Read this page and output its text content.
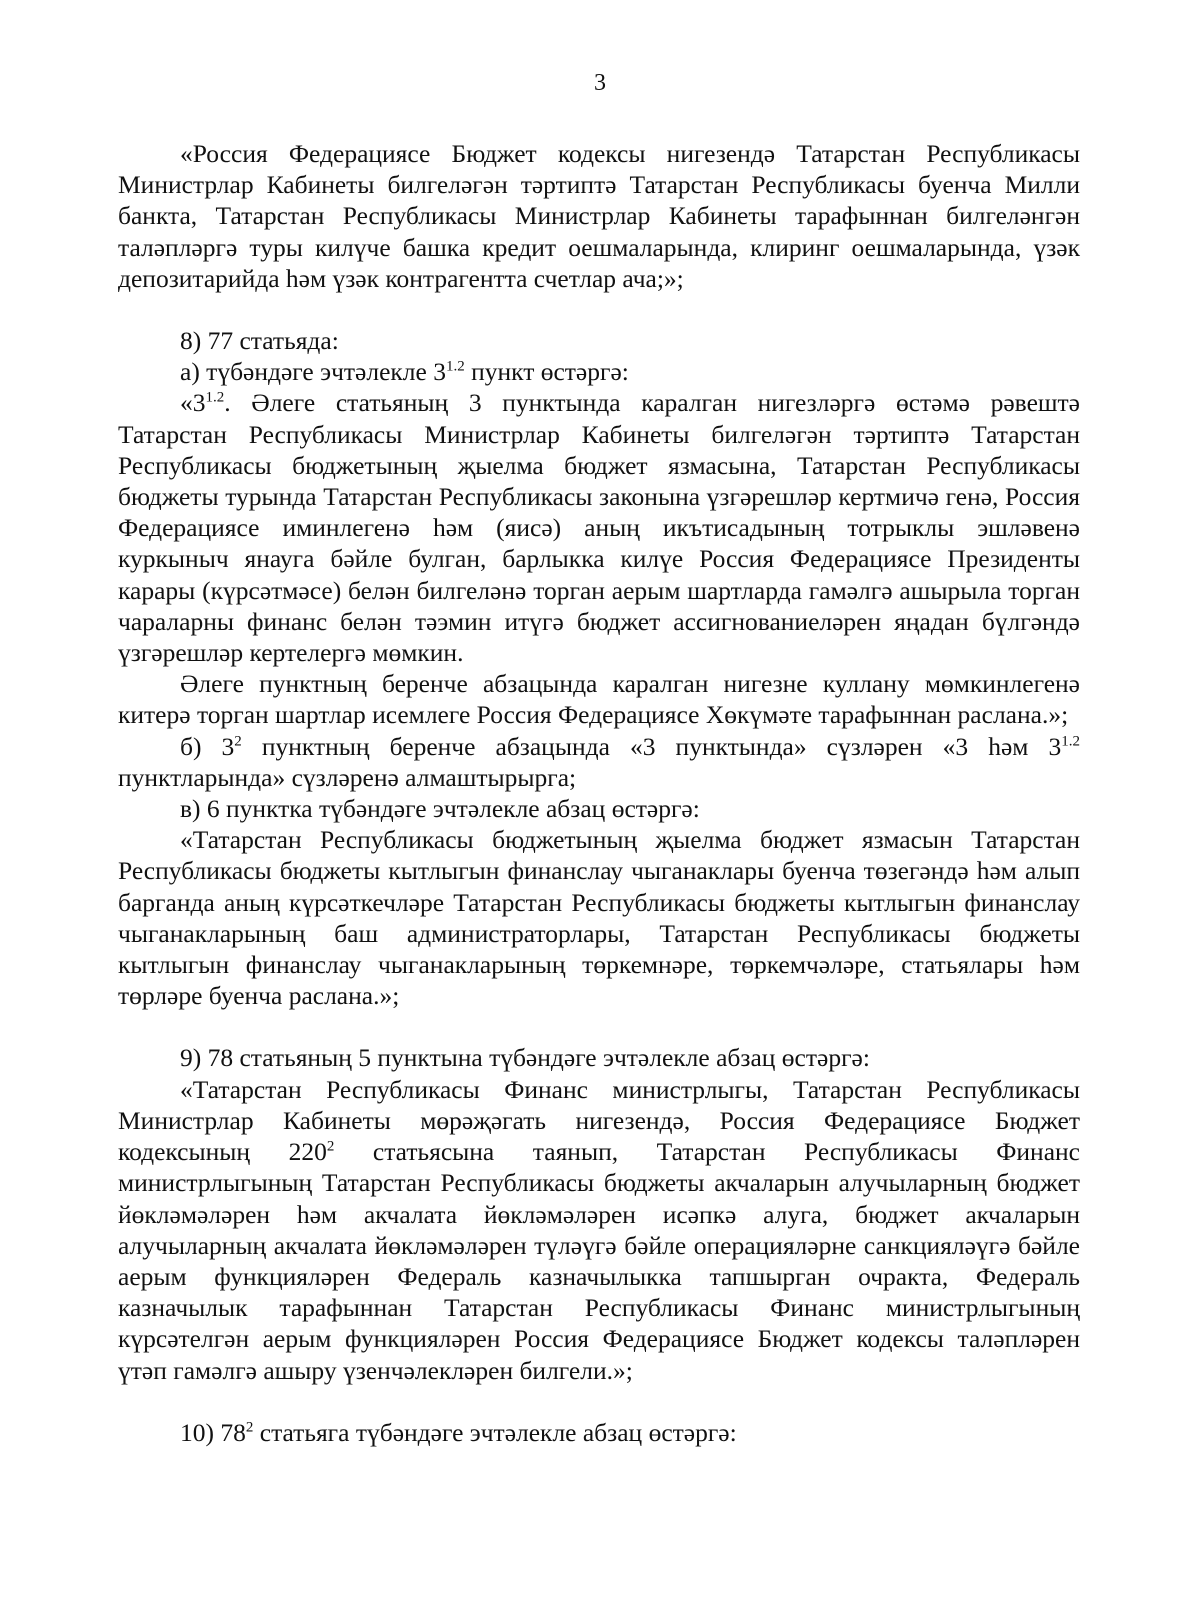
3

«Россия Федерациясе Бюджет кодексы нигезендә Татарстан Республикасы Министрлар Кабинеты билгеләгән тәртиптә Татарстан Республикасы буенча Милли банкта, Татарстан Республикасы Министрлар Кабинеты тарафыннан билгеләнгән таләпләргә туры килүче башка кредит оешмаларында, клиринг оешмаларында, үзәк депозитарийда һәм үзәк контрагентта счетлар ача;»;

8) 77 статьяда:

а) түбәндәге эчтәлекле $3^{1.2}$ пункт өстәргә:

«$3^{1.2}$. Әлеге статьяның 3 пунктында каралган нигезләргә өстәмә рәвештә Татарстан Республикасы Министрлар Кабинеты билгеләгән тәртиптә Татарстан Республикасы бюджетының җыелма бюджет язмасына, Татарстан Республикасы бюджеты турында Татарстан Республикасы законына үзгәрешләр кертмичә генә, Россия Федерациясе иминлегенә һәм (яисә) аның икътисадының тотрыклы эшләвенә куркыныч янауга бәйле булган, барлыкка килүе Россия Федерациясе Президенты карары (күрсәтмәсе) белән билгеләнә торган аерым шартларда гамәлгә ашырыла торган чараларны финанс белән тәэмин итүгә бюджет ассигнованиеләрен яңадан бүлгәндә үзгәрешләр кертелергә мөмкин.

Әлеге пунктның беренче абзацында каралган нигезне куллану мөмкинлегенә китерә торган шартлар исемлеге Россия Федерациясе Хөкүмәте тарафыннан раслана.»;

б) $3^2$ пунктның беренче абзацында «3 пунктында» сүзләрен «3 һәм $3^{1.2}$ пунктларында» сүзләренә алмаштырырга;

в) 6 пунктка түбәндәге эчтәлекле абзац өстәргә:

«Татарстан Республикасы бюджетының җыелма бюджет язмасын Татарстан Республикасы бюджеты кытлыгын финанслау чыганаклары буенча төзегәндә һәм алып барганда аның күрсәткечләре Татарстан Республикасы бюджеты кытлыгын финанслау чыганакларының баш администраторлары, Татарстан Республикасы бюджеты кытлыгын финанслау чыганакларының төркемнәре, төркемчәләре, статьялары һәм төрләре буенча раслана.»;

9) 78 статьяның 5 пунктына түбәндәге эчтәлекле абзац өстәргә:

«Татарстан Республикасы Финанс министрлыгы, Татарстан Республикасы Министрлар Кабинеты мөрәҗәгать нигезендә, Россия Федерациясе Бюджет кодексының $220^2$ статьясына таянып, Татарстан Республикасы Финанс министрлыгының Татарстан Республикасы бюджеты акчаларын алучыларның бюджет йөкләмәләрен һәм акчалата йөкләмәләрен исәпкә алуга, бюджет акчаларын алучыларның акчалата йөкләмәләрен түләүгә бәйле операцияләрне санкцияләүгә бәйле аерым функцияләрен Федераль казначылыкка тапшырган очракта, Федераль казначылык тарафыннан Татарстан Республикасы Финанс министрлыгының күрсәтелгән аерым функцияләрен Россия Федерациясе Бюджет кодексы таләпләрен үтәп гамәлгә ашыру үзенчәлекләрен билгели.»;

10) $78^2$ статьяга түбәндәге эчтәлекле абзац өстәргә:
